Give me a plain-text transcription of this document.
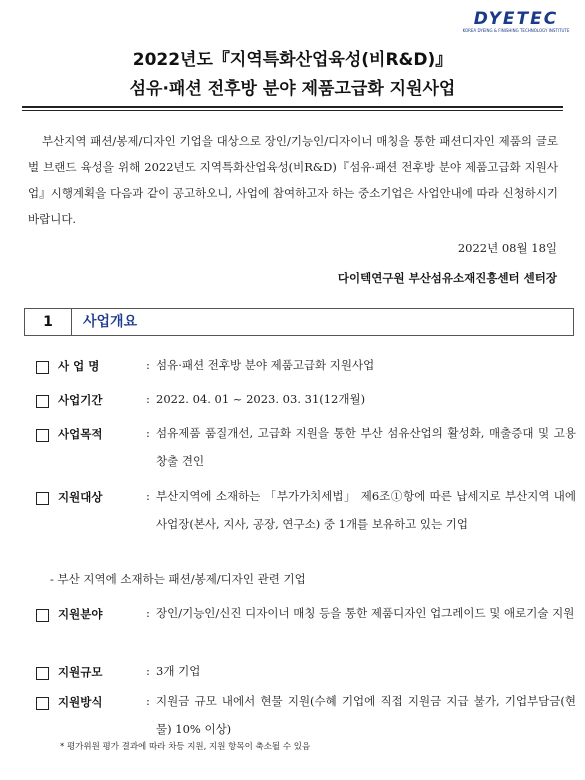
DYETEC
KOREA DYEING & FINISHING TECHNOLOGY INSTITUTE
2022년도『지역특화산업육성(비R&D)』
섬유·패션 전후방 분야 제품고급화 지원사업
부산지역 패션/봉제/디자인 기업을 대상으로 장인/기능인/디자이너 매칭을 통한 패션디자인 제품의 글로벌 브랜드 육성을 위해 2022년도 지역특화산업육성(비R&D)『섬유·패션 전후방 분야 제품고급화 지원사업』시행계획을 다음과 같이 공고하오니, 사업에 참여하고자 하는 중소기업은 사업안내에 따라 신청하시기 바랍니다.
2022년 08월 18일
다이텍연구원 부산섬유소재진흥센터 센터장
1	사업개요
사 업 명	: 섬유·패션 전후방 분야 제품고급화 지원사업
사업기간	: 2022. 04. 01 ~ 2023. 03. 31(12개월)
사업목적	: 섬유제품 품질개선, 고급화 지원을 통한 부산 섬유산업의 활성화, 매출증대 및 고용창출 견인
지원대상	: 부산지역에 소재하는 「부가가치세법」 제6조①항에 따른 납세지로 부산지역 내에 사업장(본사, 지사, 공장, 연구소) 중 1개를 보유하고 있는 기업
- 부산 지역에 소재하는 패션/봉제/디자인 관련 기업
지원분야	: 장인/기능인/신진 디자이너 매칭 등을 통한 제품디자인 업그레이드 및 애로기술 지원
지원규모	: 3개 기업
지원방식	: 지원금 규모 내에서 현물 지원(수혜 기업에 직접 지원금 지급 불가, 기업부담금(현물) 10% 이상)
* 평가위원 평가 결과에 따라 차등 지원, 지원 항목이 축소될 수 있음
